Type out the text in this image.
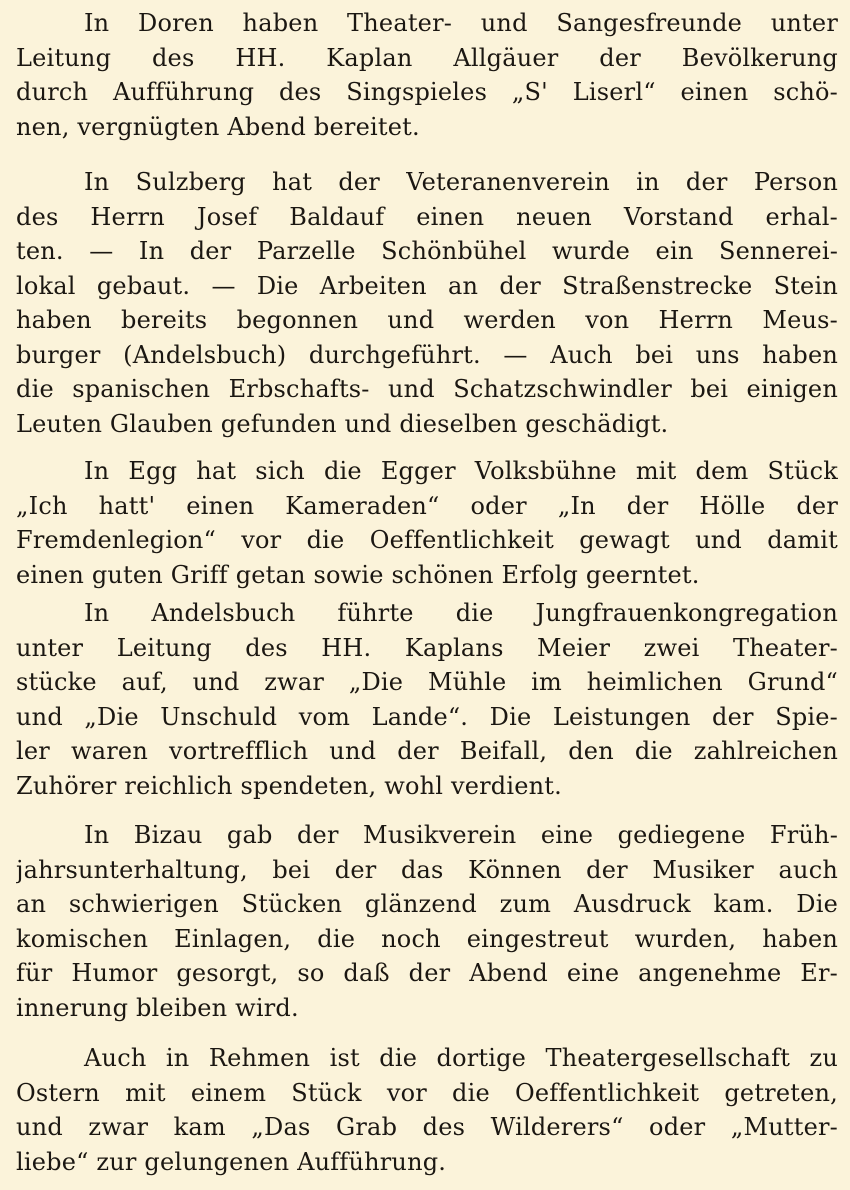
In Doren haben Theater- und Sangesfreunde unter
Leitung des HH. Kaplan Allgäuer der Bevölkerung
durch Aufführung des Singspieles „S' Liserl“ einen schö-
nen, vergnügten Abend bereitet.
In Sulzberg hat der Veteranenverein in der Person
des Herrn Josef Baldauf einen neuen Vorstand erhal-
ten. — In der Parzelle Schönbühel wurde ein Sennerei-
lokal gebaut. — Die Arbeiten an der Straßenstrecke Stein
haben bereits begonnen und werden von Herrn Meus-
burger (Andelsbuch) durchgeführt. — Auch bei uns haben
die spanischen Erbschafts- und Schatzschwindler bei einigen
Leuten Glauben gefunden und dieselben geschädigt.
In Egg hat sich die Egger Volksbühne mit dem Stück
„Ich hatt' einen Kameraden“ oder „In der Hölle der
Fremdenlegion“ vor die Oeffentlichkeit gewagt und damit
einen guten Griff getan sowie schönen Erfolg geerntet.
In Andelsbuch führte die Jungfrauenkongregation
unter Leitung des HH. Kaplans Meier zwei Theater-
stücke auf, und zwar „Die Mühle im heimlichen Grund“
und „Die Unschuld vom Lande“. Die Leistungen der Spie-
ler waren vortrefflich und der Beifall, den die zahlreichen
Zuhörer reichlich spendeten, wohl verdient.
In Bizau gab der Musikverein eine gediegene Früh-
jahrsunterhaltung, bei der das Können der Musiker auch
an schwierigen Stücken glänzend zum Ausdruck kam. Die
komischen Einlagen, die noch eingestreut wurden, haben
für Humor gesorgt, so daß der Abend eine angenehme Er-
innerung bleiben wird.
Auch in Rehmen ist die dortige Theatergesellschaft zu
Ostern mit einem Stück vor die Oeffentlichkeit getreten,
und zwar kam „Das Grab des Wilderers“ oder „Mutter-
liebe“ zur gelungenen Aufführung.
